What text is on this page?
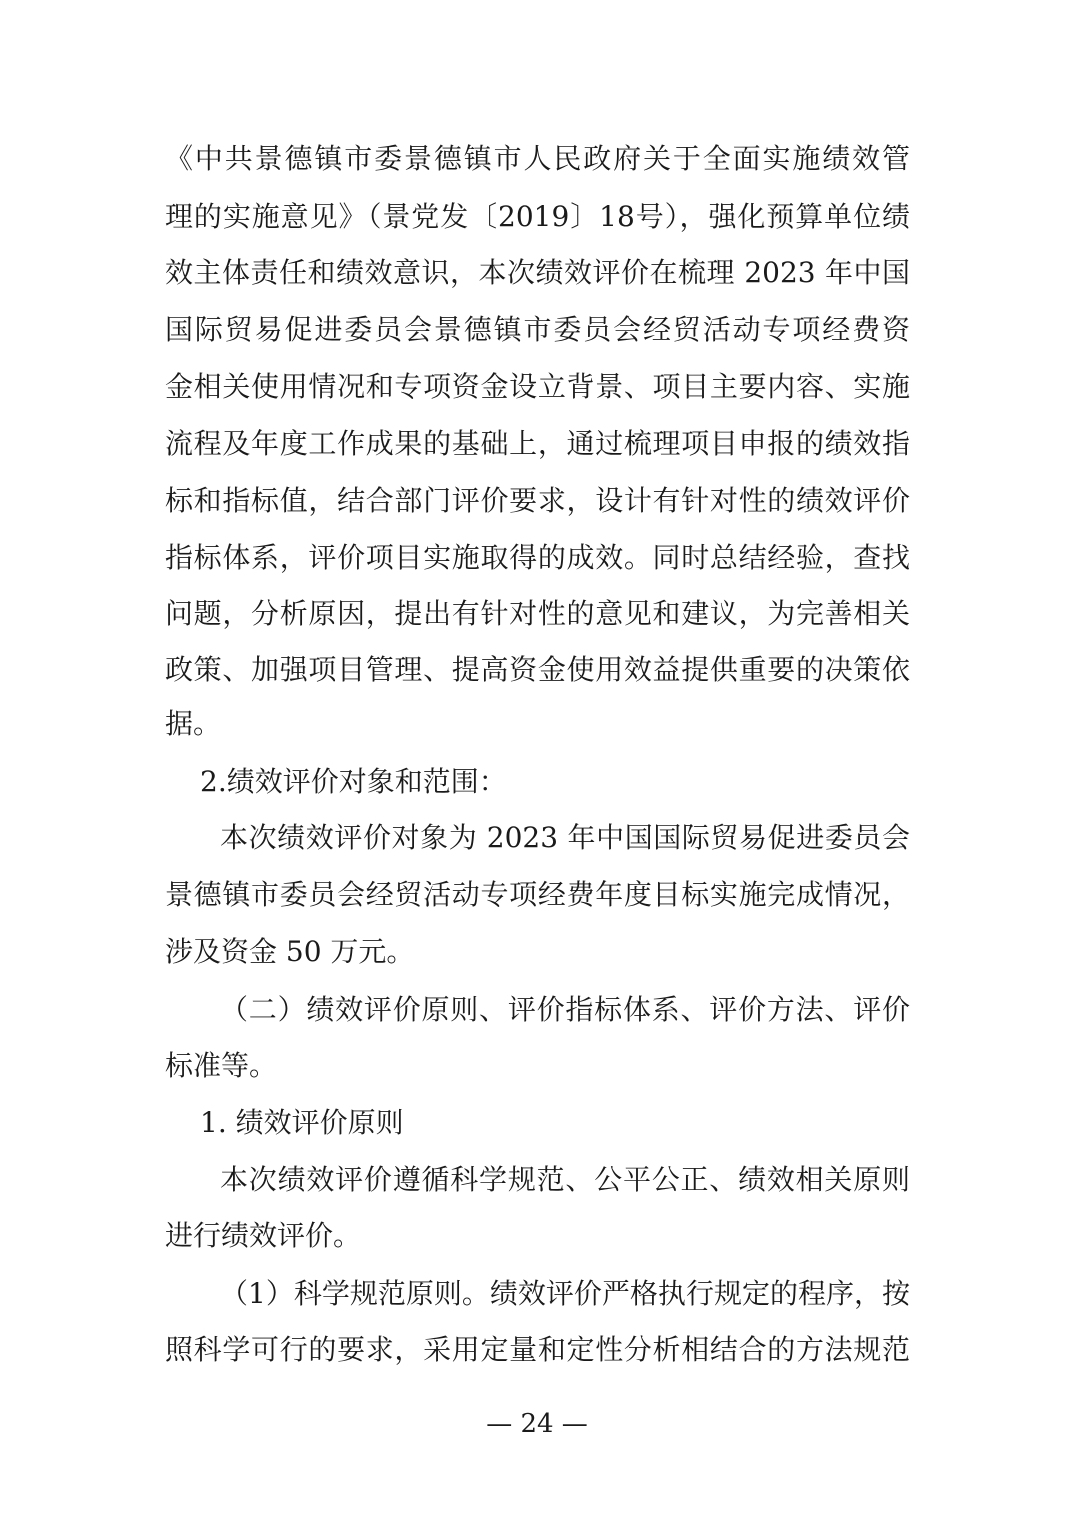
《中共景德镇市委景德镇市人民政府关于全面实施绩效管

理的实施意见》（景党发〔2019〕18号），强化预算单位绩

效主体责任和绩效意识，本次绩效评价在梳理 2023 年中国

国际贸易促进委员会景德镇市委员会经贸活动专项经费资

金相关使用情况和专项资金设立背景、项目主要内容、实施

流程及年度工作成果的基础上，通过梳理项目申报的绩效指

标和指标值，结合部门评价要求，设计有针对性的绩效评价

指标体系，评价项目实施取得的成效。同时总结经验，查找

问题，分析原因，提出有针对性的意见和建议，为完善相关

政策、加强项目管理、提高资金使用效益提供重要的决策依

据。

2.绩效评价对象和范围：

本次绩效评价对象为 2023 年中国国际贸易促进委员会

景德镇市委员会经贸活动专项经费年度目标实施完成情况，

涉及资金 50 万元。

（二）绩效评价原则、评价指标体系、评价方法、评价

标准等。

1. 绩效评价原则

本次绩效评价遵循科学规范、公平公正、绩效相关原则

进行绩效评价。

（1）科学规范原则。绩效评价严格执行规定的程序，按

照科学可行的要求，采用定量和定性分析相结合的方法规范

— 24 —
